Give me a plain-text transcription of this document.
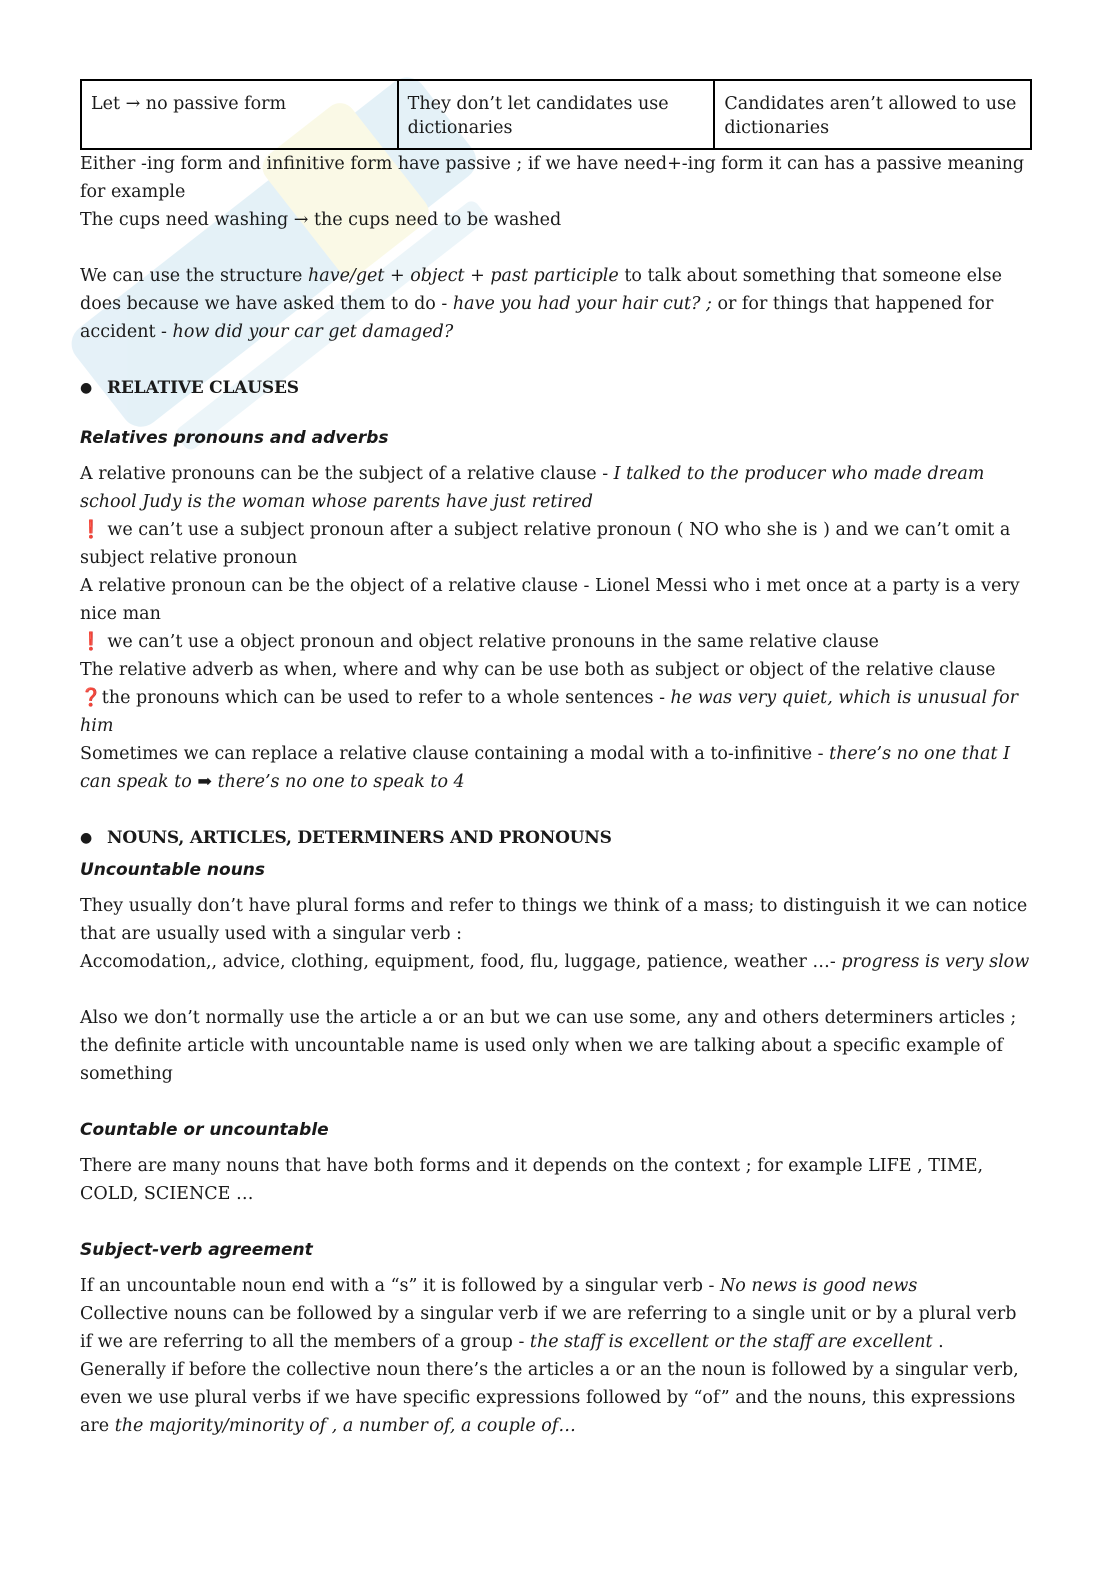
Let → no passive form	They don’t let candidates use dictionaries	Candidates aren’t allowed to use dictionaries

Either -ing form and infinitive form have passive ; if we have need+-ing form it can has a passive meaning for example

The cups need washing → the cups need to be washed

We can use the structure have/get + object + past participle to talk about something that someone else does because we have asked them to do - have you had your hair cut? ; or for things that happened for accident - how did your car get damaged?

● RELATIVE CLAUSES

Relatives pronouns and adverbs

A relative pronouns can be the subject of a relative clause - I talked to the producer who made dream school Judy is the woman whose parents have just retired

❗ we can’t use a subject pronoun after a subject relative pronoun ( NO who she is ) and we can’t omit a subject relative pronoun

A relative pronoun can be the object of a relative clause - Lionel Messi who i met once at a party is a very nice man

❗ we can’t use a object pronoun and object relative pronouns in the same relative clause

The relative adverb as when, where and why can be use both as subject or object of the relative clause

❓the pronouns which can be used to refer to a whole sentences - he was very quiet, which is unusual for him

Sometimes we can replace a relative clause containing a modal with a to-infinitive - there’s no one that I can speak to ➡ there’s no one to speak to 4

● NOUNS, ARTICLES, DETERMINERS AND PRONOUNS

Uncountable nouns

They usually don’t have plural forms and refer to things we think of a mass; to distinguish it we can notice that are usually used with a singular verb :

Accomodation,, advice, clothing, equipment, food, flu, luggage, patience, weather …- progress is very slow

Also we don’t normally use the article a or an but we can use some, any and others determiners articles ; the definite article with uncountable name is used only when we are talking about a specific example of something

Countable or uncountable

There are many nouns that have both forms and it depends on the context ; for example LIFE , TIME, COLD, SCIENCE …

Subject-verb agreement

If an uncountable noun end with a “s” it is followed by a singular verb - No news is good news

Collective nouns can be followed by a singular verb if we are referring to a single unit or by a plural verb if we are referring to all the members of a group - the staff is excellent or the staff are excellent .

Generally if before the collective noun there’s the articles a or an the noun is followed by a singular verb, even we use plural verbs if we have specific expressions followed by “of” and the nouns, this expressions are the majority/minority of , a number of, a couple of…
